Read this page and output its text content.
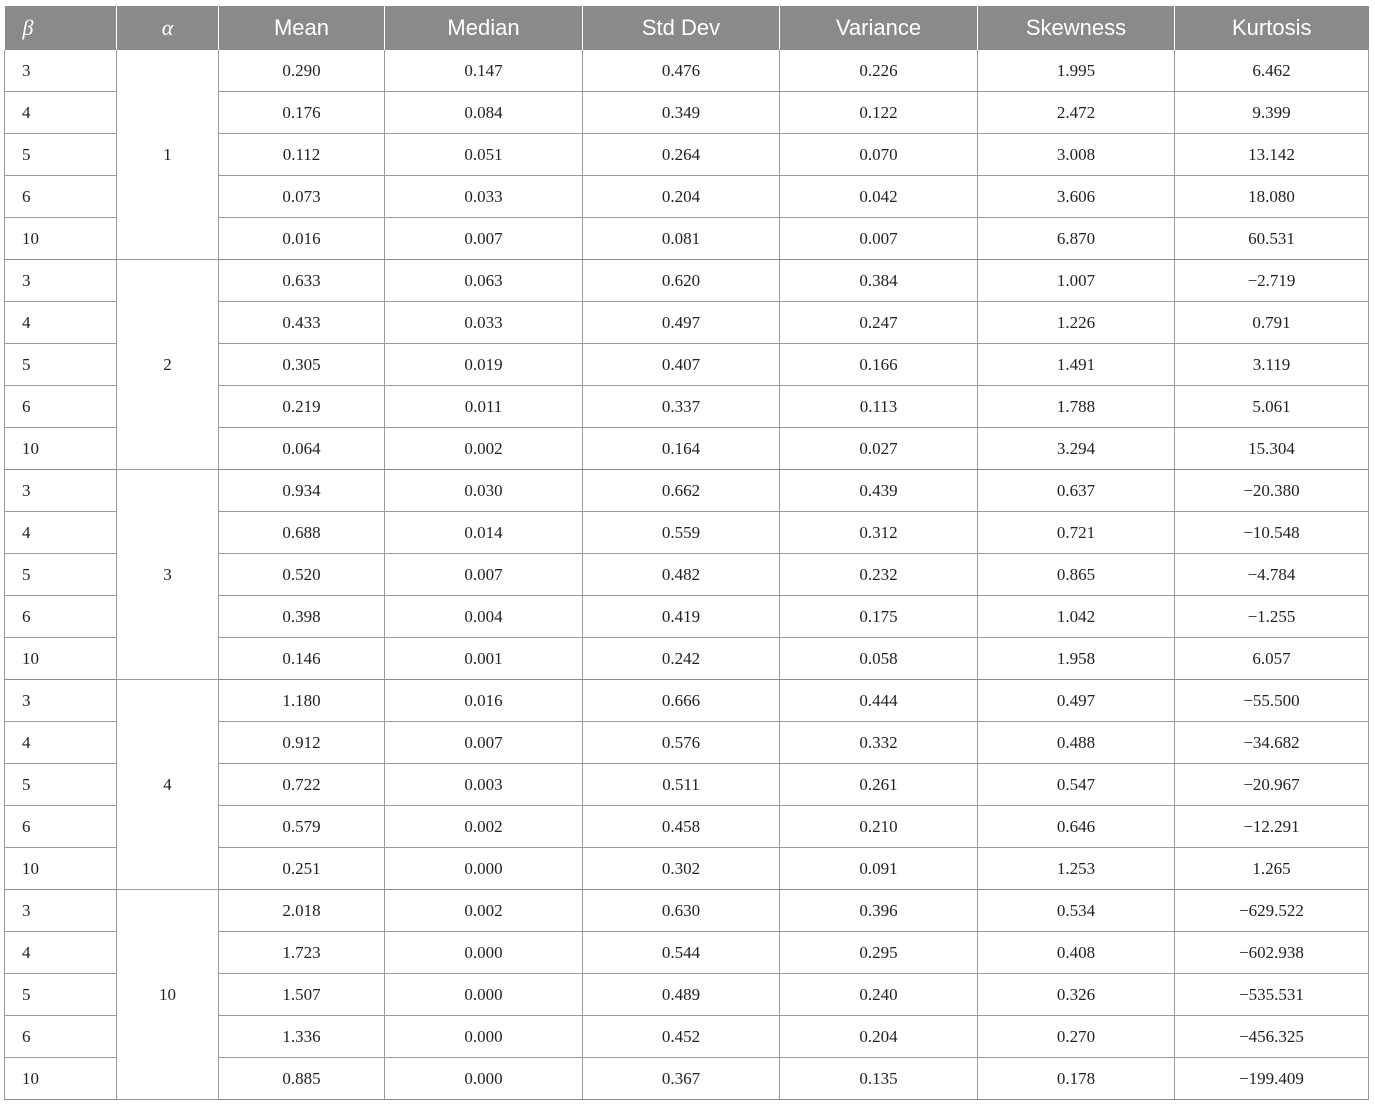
β	α	Mean	Median	Std Dev	Variance	Skewness	Kurtosis
3	1	0.290	0.147	0.476	0.226	1.995	6.462
4		0.176	0.084	0.349	0.122	2.472	9.399
5		0.112	0.051	0.264	0.070	3.008	13.142
6		0.073	0.033	0.204	0.042	3.606	18.080
10		0.016	0.007	0.081	0.007	6.870	60.531
3	2	0.633	0.063	0.620	0.384	1.007	−2.719
4		0.433	0.033	0.497	0.247	1.226	0.791
5		0.305	0.019	0.407	0.166	1.491	3.119
6		0.219	0.011	0.337	0.113	1.788	5.061
10		0.064	0.002	0.164	0.027	3.294	15.304
3	3	0.934	0.030	0.662	0.439	0.637	−20.380
4		0.688	0.014	0.559	0.312	0.721	−10.548
5		0.520	0.007	0.482	0.232	0.865	−4.784
6		0.398	0.004	0.419	0.175	1.042	−1.255
10		0.146	0.001	0.242	0.058	1.958	6.057
3	4	1.180	0.016	0.666	0.444	0.497	−55.500
4		0.912	0.007	0.576	0.332	0.488	−34.682
5		0.722	0.003	0.511	0.261	0.547	−20.967
6		0.579	0.002	0.458	0.210	0.646	−12.291
10		0.251	0.000	0.302	0.091	1.253	1.265
3	10	2.018	0.002	0.630	0.396	0.534	−629.522
4		1.723	0.000	0.544	0.295	0.408	−602.938
5		1.507	0.000	0.489	0.240	0.326	−535.531
6		1.336	0.000	0.452	0.204	0.270	−456.325
10		0.885	0.000	0.367	0.135	0.178	−199.409
